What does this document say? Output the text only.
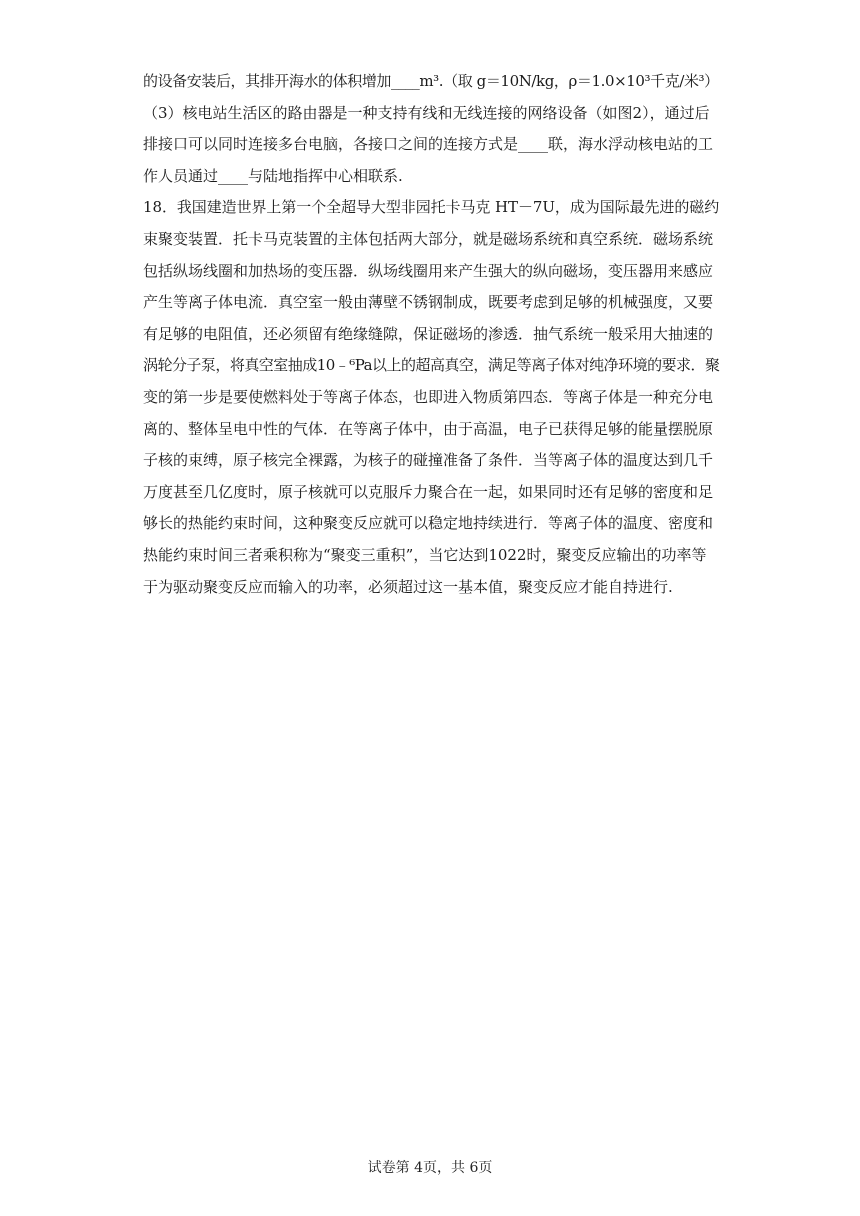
的设备安装后，其排开海水的体积增加____m³.（取 g＝10N/kg，ρ＝1.0×10³千克/米³）
（3）核电站生活区的路由器是一种支持有线和无线连接的网络设备（如图2），通过后
排接口可以同时连接多台电脑，各接口之间的连接方式是____联，海水浮动核电站的工
作人员通过____与陆地指挥中心相联系.
18．我国建造世界上第一个全超导大型非园托卡马克 HT－7U，成为国际最先进的磁约
束聚变装置．托卡马克装置的主体包括两大部分，就是磁场系统和真空系统．磁场系统
包括纵场线圈和加热场的变压器．纵场线圈用来产生强大的纵向磁场，变压器用来感应
产生等离子体电流．真空室一般由薄壁不锈钢制成，既要考虑到足够的机械强度，又要
有足够的电阻值，还必须留有绝缘缝隙，保证磁场的渗透．抽气系统一般采用大抽速的
涡轮分子泵，将真空室抽成10﹣⁶Pa以上的超高真空，满足等离子体对纯净环境的要求．聚
变的第一步是要使燃料处于等离子体态，也即进入物质第四态．等离子体是一种充分电
离的、整体呈电中性的气体．在等离子体中，由于高温，电子已获得足够的能量摆脱原
子核的束缚，原子核完全裸露，为核子的碰撞准备了条件．当等离子体的温度达到几千
万度甚至几亿度时，原子核就可以克服斥力聚合在一起，如果同时还有足够的密度和足
够长的热能约束时间，这种聚变反应就可以稳定地持续进行．等离子体的温度、密度和
热能约束时间三者乘积称为“聚变三重积”，当它达到1022时，聚变反应输出的功率等
于为驱动聚变反应而输入的功率，必须超过这一基本值，聚变反应才能自持进行.
试卷第 4页，共 6页
